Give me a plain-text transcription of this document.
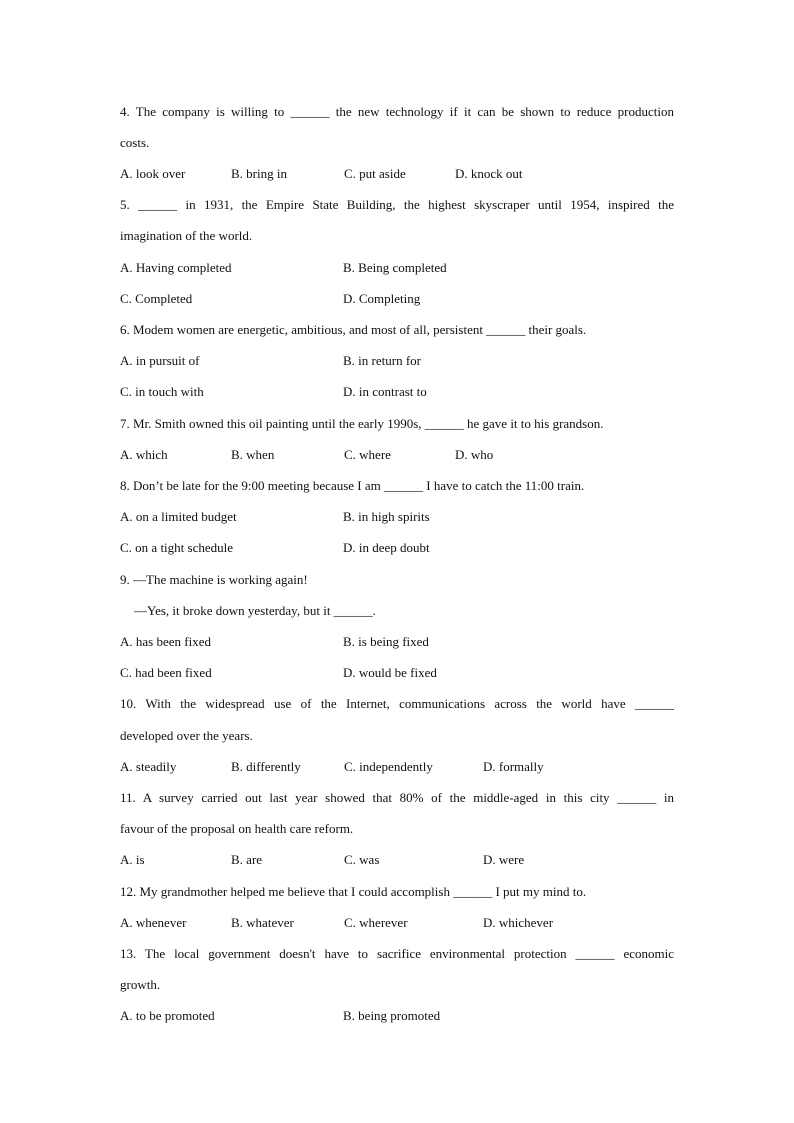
4. The company is willing to ______ the new technology if it can be shown to reduce production
costs.
A. look over	B. bring in	C. put aside	D. knock out
5. ______ in 1931, the Empire State Building, the highest skyscraper until 1954, inspired the
imagination of the world.
A. Having completed	B. Being completed
C. Completed	D. Completing
6. Modem women are energetic, ambitious, and most of all, persistent ______ their goals.
A. in pursuit of	B. in return for
C. in touch with	D. in contrast to
7. Mr. Smith owned this oil painting until the early 1990s, ______ he gave it to his grandson.
A. which	B. when	C. where	D. who
8. Don’t be late for the 9:00 meeting because I am ______ I have to catch the 11:00 train.
A. on a limited budget	B. in high spirits
C. on a tight schedule	D. in deep doubt
9. —The machine is working again!
—Yes, it broke down yesterday, but it ______.
A. has been fixed	B. is being fixed
C. had been fixed	D. would be fixed
10. With the widespread use of the Internet, communications across the world have ______
developed over the years.
A. steadily	B. differently	C. independently	D. formally
11. A survey carried out last year showed that 80% of the middle-aged in this city ______ in
favour of the proposal on health care reform.
A. is	B. are	C. was	D. were
12. My grandmother helped me believe that I could accomplish ______ I put my mind to.
A. whenever	B. whatever	C. wherever	D. whichever
13. The local government doesn't have to sacrifice environmental protection ______ economic
growth.
A. to be promoted	B. being promoted
